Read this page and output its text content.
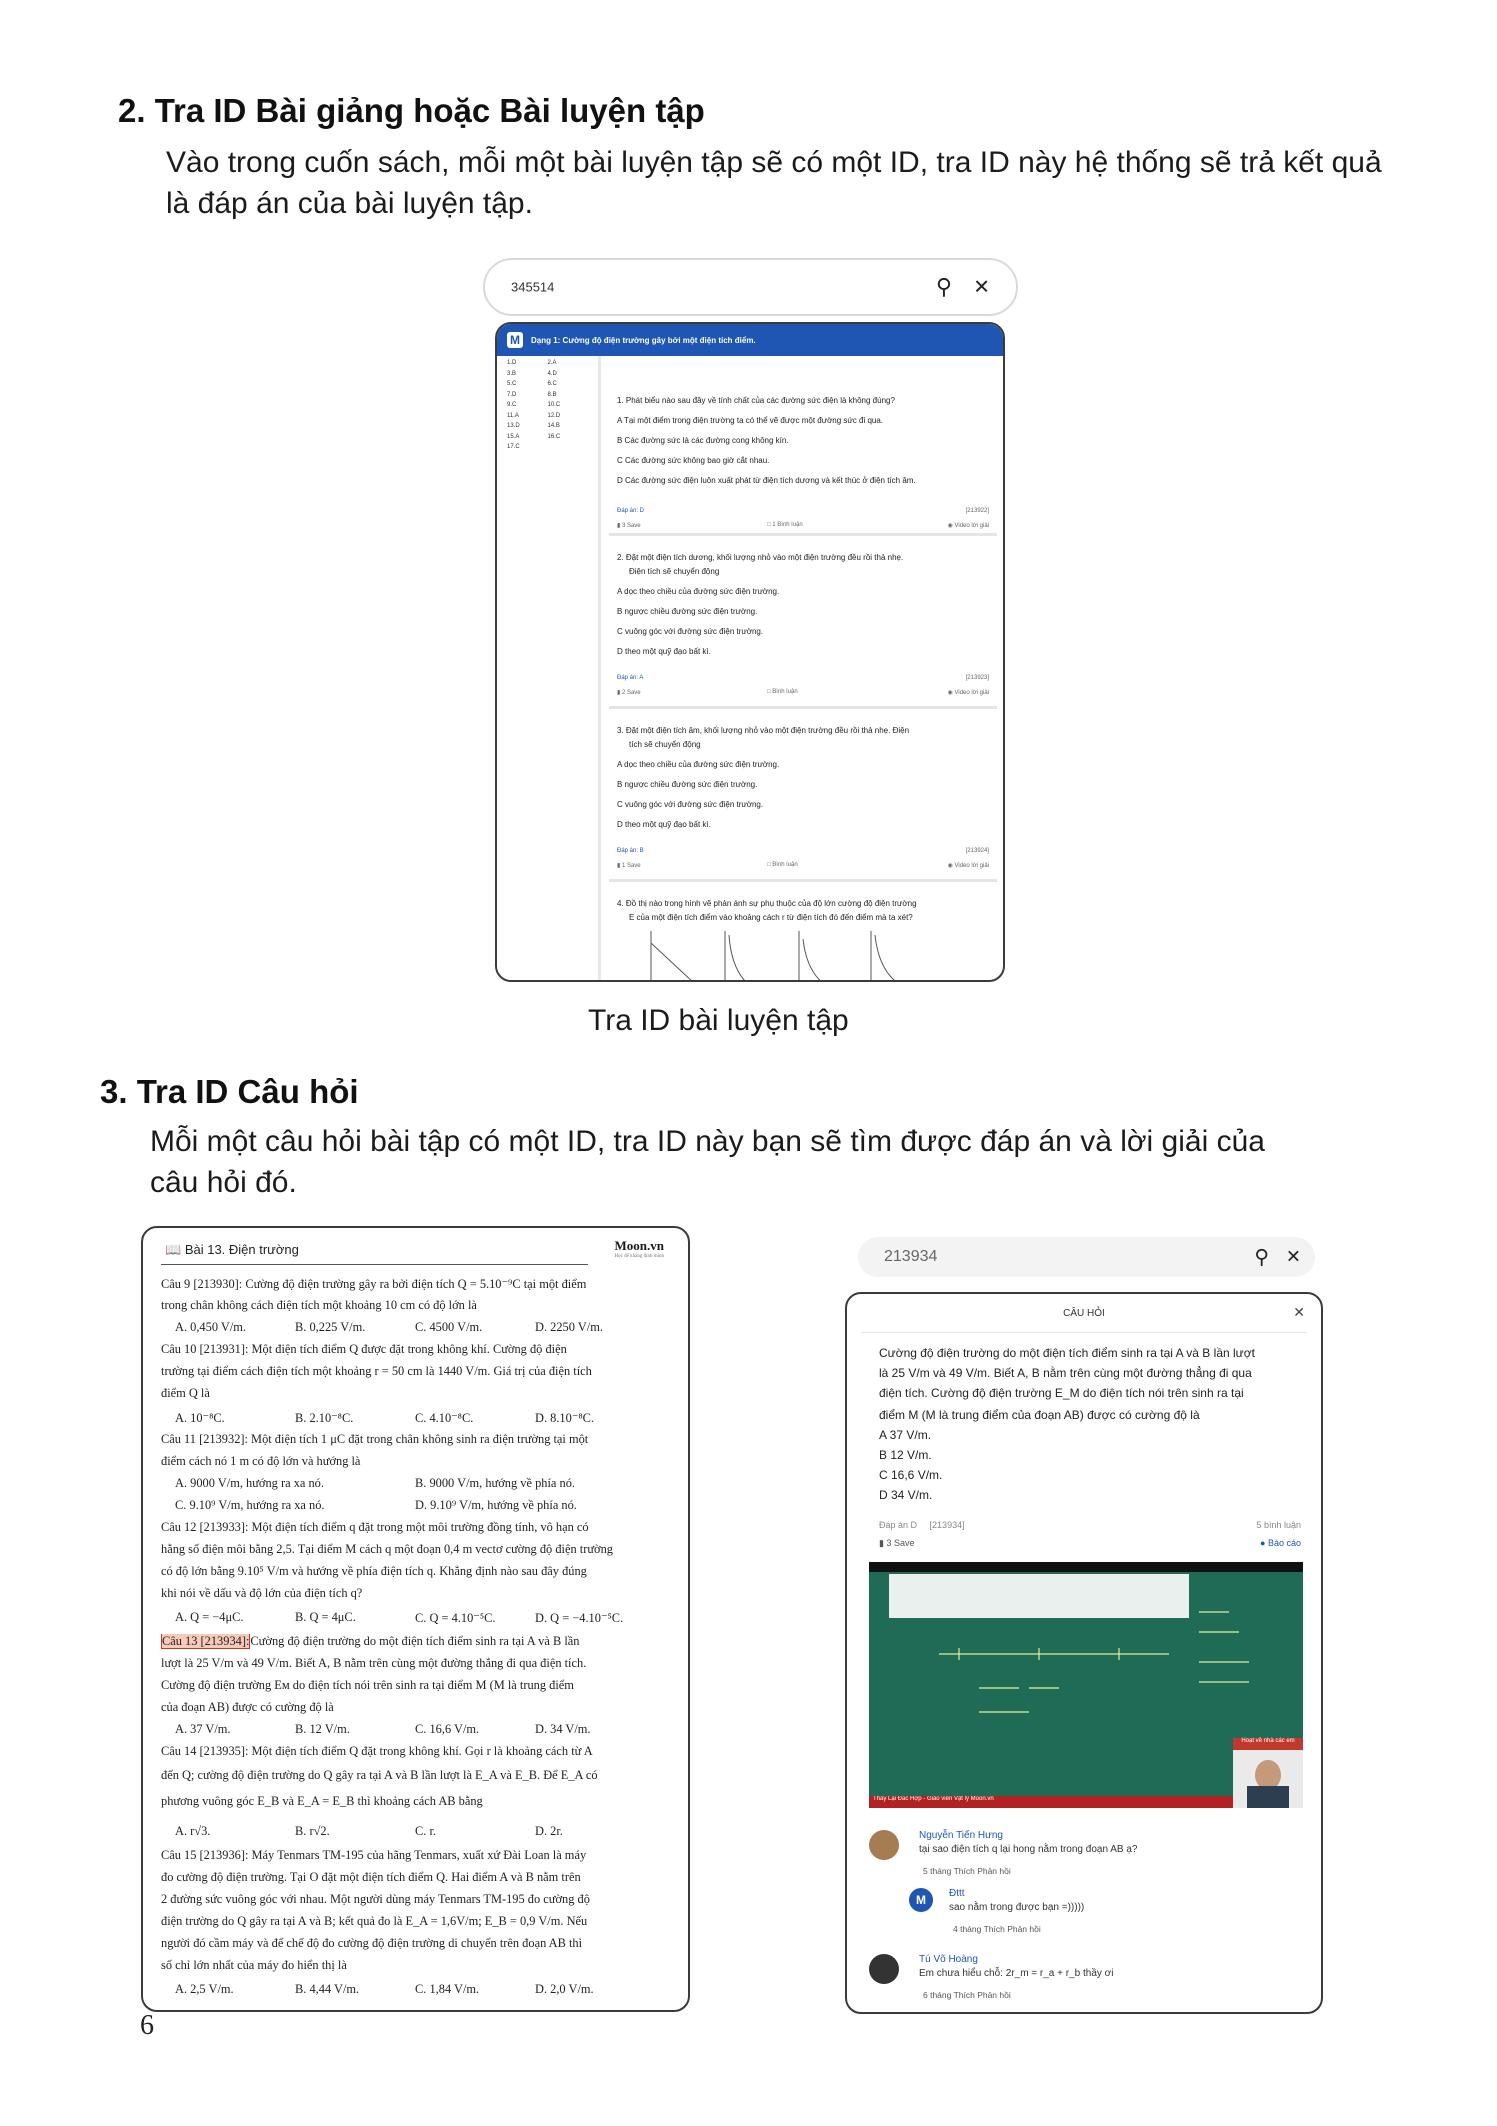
2. Tra ID Bài giảng hoặc Bài luyện tập
Vào trong cuốn sách, mỗi một bài luyện tập sẽ có một ID, tra ID này hệ thống sẽ trả kết quả
là đáp án của bài luyện tập.
345514	⚲ ✕
M	Dạng 1: Cường độ điện trường gây bởi một điện tích điểm.
1.D	2.A
3.B	4.D
5.C	6.C
7.D	8.B
9.C	10.C
11.A	12.D
13.D	14.B
15.A	16.C
17.C
1. Phát biểu nào sau đây về tính chất của các đường sức điện là không đúng?
A Tại một điểm trong điện trường ta có thể vẽ được một đường sức đi qua.
B Các đường sức là các đường cong không kín.
C Các đường sức không bao giờ cắt nhau.
D Các đường sức điện luôn xuất phát từ điện tích dương và kết thúc ở điện tích âm.
Đáp án: D	[213922]
▮ 3 Save	□ 1 Bình luận	◉ Video lời giải
2. Đặt một điện tích dương, khối lượng nhỏ vào một điện trường đều rồi thả nhẹ.
Điện tích sẽ chuyển động
A dọc theo chiều của đường sức điện trường.
B ngược chiều đường sức điện trường.
C vuông góc với đường sức điện trường.
D theo một quỹ đạo bất kì.
Đáp án: A	[213923]
▮ 2 Save	□ Bình luận	◉ Video lời giải
3. Đặt một điện tích âm, khối lượng nhỏ vào một điện trường đều rồi thả nhẹ. Điện
tích sẽ chuyển động
A dọc theo chiều của đường sức điện trường.
B ngược chiều đường sức điện trường.
C vuông góc với đường sức điện trường.
D theo một quỹ đạo bất kì.
Đáp án: B	[213924]
▮ 1 Save	□ Bình luận	◉ Video lời giải
4. Đồ thị nào trong hình vẽ phản ánh sự phụ thuộc của độ lớn cường độ điện trường
E của một điện tích điểm vào khoảng cách r từ điện tích đó đến điểm mà ta xét?
Tra ID bài luyện tập
3. Tra ID Câu hỏi
Mỗi một câu hỏi bài tập có một ID, tra ID này bạn sẽ tìm được đáp án và lời giải của
câu hỏi đó.
📖 Bài 13. Điện trường	Moon.vn
Học để khẳng định mình
Câu 9 [213930]: Cường độ điện trường gây ra bởi điện tích Q = 5.10⁻⁹C tại một điểm
trong chân không cách điện tích một khoảng 10 cm có độ lớn là
A. 0,450 V/m.	B. 0,225 V/m.	C. 4500 V/m.	D. 2250 V/m.
Câu 10 [213931]: Một điện tích điểm Q được đặt trong không khí. Cường độ điện
trường tại điểm cách điện tích một khoảng r = 50 cm là 1440 V/m. Giá trị của điện tích
điểm Q là
A. 10⁻⁸C.	B. 2.10⁻⁸C.	C. 4.10⁻⁸C.	D. 8.10⁻⁸C.
Câu 11 [213932]: Một điện tích 1 μC đặt trong chân không sinh ra điện trường tại một
điểm cách nó 1 m có độ lớn và hướng là
A. 9000 V/m, hướng ra xa nó.	B. 9000 V/m, hướng về phía nó.
C. 9.10⁹ V/m, hướng ra xa nó.	D. 9.10⁹ V/m, hướng về phía nó.
Câu 12 [213933]: Một điện tích điểm q đặt trong một môi trường đồng tính, vô hạn có
hằng số điện môi bằng 2,5. Tại điểm M cách q một đoạn 0,4 m vectơ cường độ điện trường
có độ lớn bằng 9.10⁵ V/m và hướng về phía điện tích q. Khẳng định nào sau đây đúng
khi nói về dấu và độ lớn của điện tích q?
A. Q = −4μC.	B. Q = 4μC.	C. Q = 4.10⁻⁵C.	D. Q = −4.10⁻⁵C.
Câu 13 [213934]:Cường độ điện trường do một điện tích điểm sinh ra tại A và B lần
lượt là 25 V/m và 49 V/m. Biết A, B nằm trên cùng một đường thẳng đi qua điện tích.
Cường độ điện trường Eм do điện tích nói trên sinh ra tại điểm M (M là trung điểm
của đoạn AB) được có cường độ là
A. 37 V/m.	B. 12 V/m.	C. 16,6 V/m.	D. 34 V/m.
Câu 14 [213935]: Một điện tích điểm Q đặt trong không khí. Gọi r là khoảng cách từ A
đến Q; cường độ điện trường do Q gây ra tại A và B lần lượt là E_A và E_B. Để E_A có
phương vuông góc E_B và E_A = E_B thì khoảng cách AB bằng
A. r√3.	B. r√2.	C. r.	D. 2r.
Câu 15 [213936]: Máy Tenmars TM-195 của hãng Tenmars, xuất xứ Đài Loan là máy
đo cường độ điện trường. Tại O đặt một điện tích điểm Q. Hai điểm A và B nằm trên
2 đường sức vuông góc với nhau. Một người dùng máy Tenmars TM-195 đo cường độ
điện trường do Q gây ra tại A và B; kết quả đo là E_A = 1,6V/m; E_B = 0,9 V/m. Nếu
người đó cầm máy và để chế độ đo cường độ điện trường di chuyển trên đoạn AB thì
số chỉ lớn nhất của máy đo hiển thị là
A. 2,5 V/m.	B. 4,44 V/m.	C. 1,84 V/m.	D. 2,0 V/m.
213934	⚲ ✕
CÂU HỎI	✕
Cường độ điện trường do một điện tích điểm sinh ra tại A và B lần lượt
là 25 V/m và 49 V/m. Biết A, B nằm trên cùng một đường thẳng đi qua
điện tích. Cường độ điện trường E_M do điện tích nói trên sinh ra tại
điểm M (M là trung điểm của đoạn AB) được có cường độ là
A 37 V/m.
B 12 V/m.
C 16,6 V/m.
D 34 V/m.
Đáp án D [213934]	5 bình luận
▮ 3 Save	● Báo cáo
Hoạt về nhà các em
Thầy Lại Đắc Hợp - Giáo viên Vật lý Moon.vn
Nguyễn Tiến Hưng
tại sao điện tích q lại hong nằm trong đoạn AB ạ?
5 tháng Thích Phản hồi
M	Đttt
sao nằm trong được bạn =)))))
4 tháng Thích Phản hồi
Tú Võ Hoàng
Em chưa hiểu chỗ: 2r_m = r_a + r_b thầy ơi
6 tháng Thích Phản hồi
6
